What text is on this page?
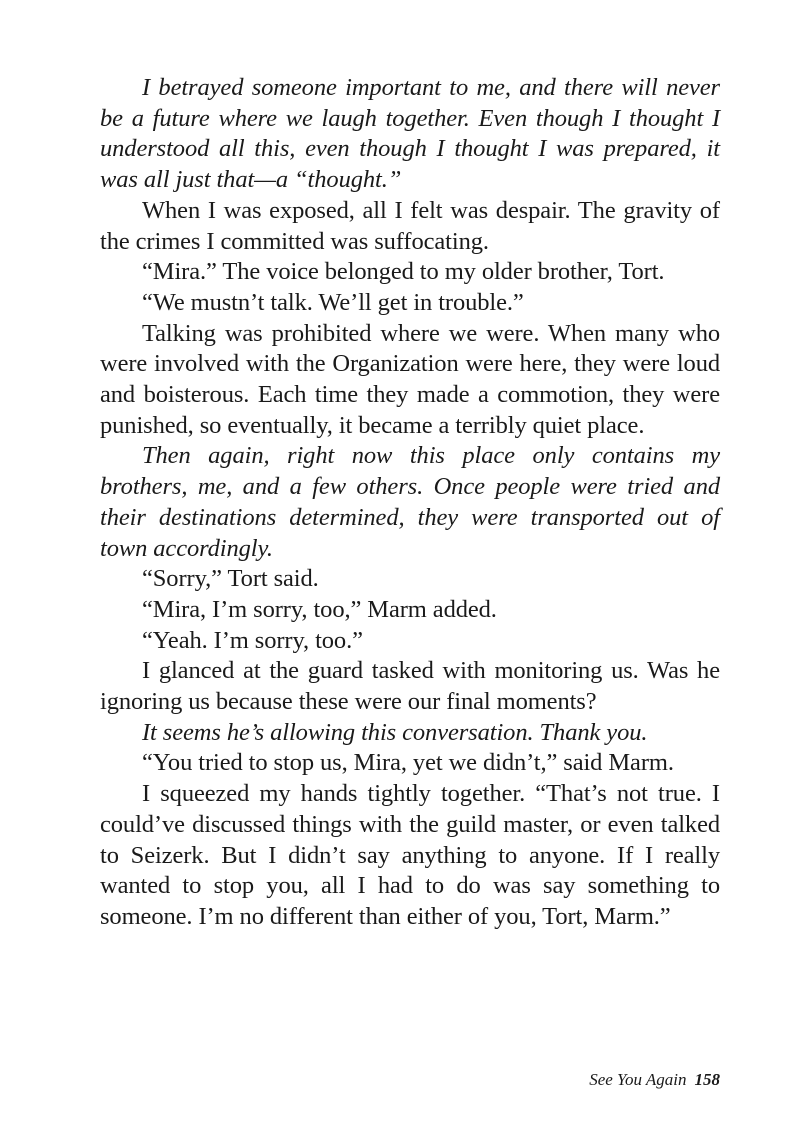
I betrayed someone important to me, and there will never be a future where we laugh together. Even though I thought I understood all this, even though I thought I was prepared, it was all just that—a “thought.”

When I was exposed, all I felt was despair. The gravity of the crimes I committed was suffocating.

“Mira.” The voice belonged to my older brother, Tort.

“We mustn’t talk. We’ll get in trouble.”

Talking was prohibited where we were. When many who were involved with the Organization were here, they were loud and boisterous. Each time they made a commotion, they were punished, so eventually, it became a terribly quiet place.

Then again, right now this place only contains my brothers, me, and a few others. Once people were tried and their destinations determined, they were transported out of town accordingly.

“Sorry,” Tort said.

“Mira, I’m sorry, too,” Marm added.

“Yeah. I’m sorry, too.”

I glanced at the guard tasked with monitoring us. Was he ignoring us because these were our final moments?

It seems he’s allowing this conversation. Thank you.

“You tried to stop us, Mira, yet we didn’t,” said Marm.

I squeezed my hands tightly together. “That’s not true. I could’ve discussed things with the guild master, or even talked to Seizerk. But I didn’t say anything to anyone. If I really wanted to stop you, all I had to do was say something to someone. I’m no different than either of you, Tort, Marm.”

See You Again 158
